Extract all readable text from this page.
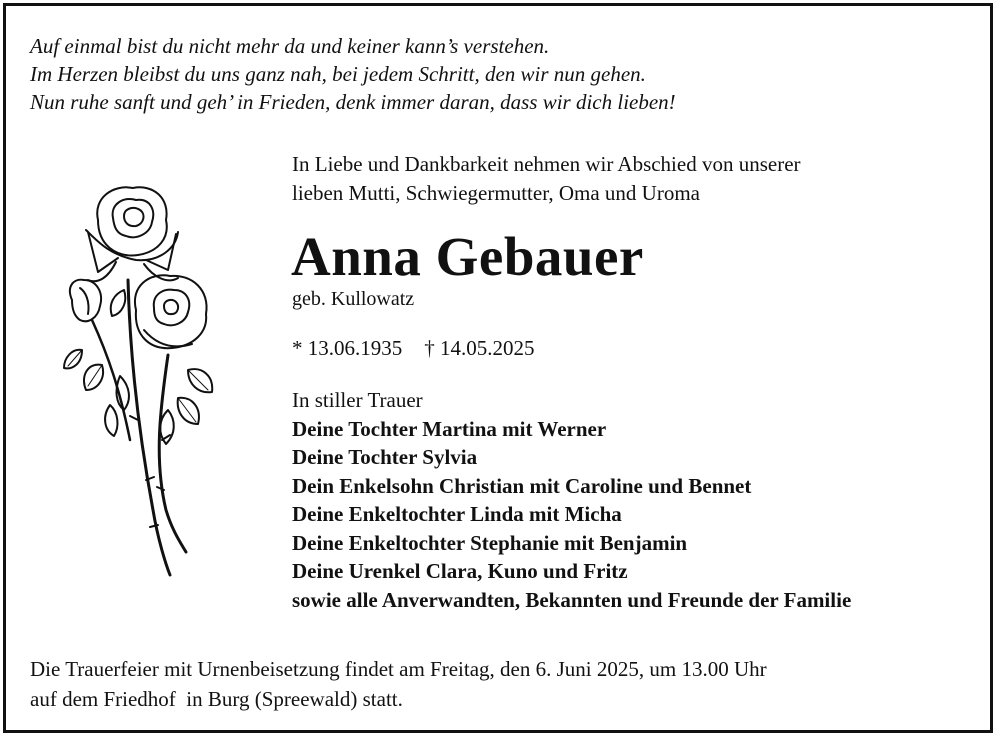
Auf einmal bist du nicht mehr da und keiner kann’s verstehen.
Im Herzen bleibst du uns ganz nah, bei jedem Schritt, den wir nun gehen.
Nun ruhe sanft und geh’ in Frieden, denk immer daran, dass wir dich lieben!
In Liebe und Dankbarkeit nehmen wir Abschied von unserer
lieben Mutti, Schwiegermutter, Oma und Uroma
Anna Gebauer
geb. Kullowatz
* 13.06.1935 † 14.05.2025
In stiller Trauer
Deine Tochter Martina mit Werner
Deine Tochter Sylvia
Dein Enkelsohn Christian mit Caroline und Bennet
Deine Enkeltochter Linda mit Micha
Deine Enkeltochter Stephanie mit Benjamin
Deine Urenkel Clara, Kuno und Fritz
sowie alle Anverwandten, Bekannten und Freunde der Familie
Die Trauerfeier mit Urnenbeisetzung findet am Freitag, den 6. Juni 2025, um 13.00 Uhr
auf dem Friedhof  in Burg (Spreewald) statt.
